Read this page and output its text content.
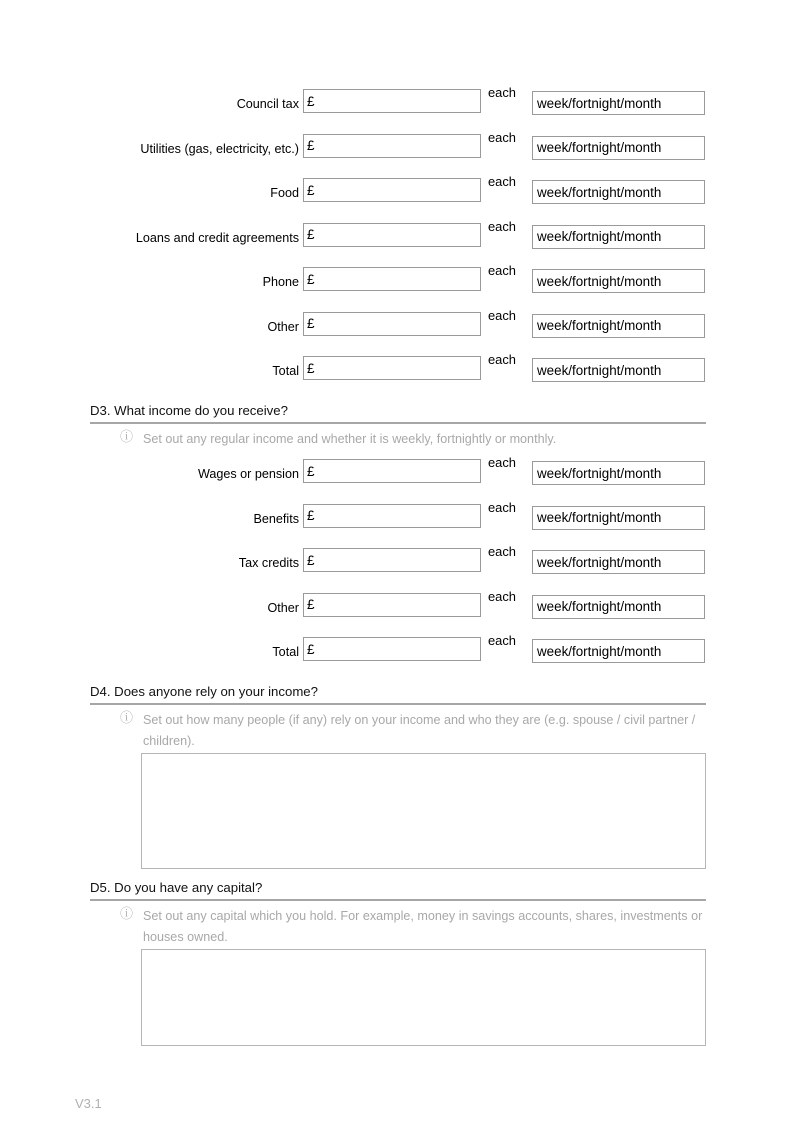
Council tax
£
each
week/fortnight/month
Utilities (gas, electricity, etc.)
£
each
week/fortnight/month
Food
£
each
week/fortnight/month
Loans and credit agreements
£
each
week/fortnight/month
Phone
£
each
week/fortnight/month
Other
£
each
week/fortnight/month
Total
£
each
week/fortnight/month
D3. What income do you receive?
ⓘ Set out any regular income and whether it is weekly, fortnightly or monthly.
Wages or pension
£
each
week/fortnight/month
Benefits
£
each
week/fortnight/month
Tax credits
£
each
week/fortnight/month
Other
£
each
week/fortnight/month
Total
£
each
week/fortnight/month
D4. Does anyone rely on your income?
ⓘ Set out how many people (if any) rely on your income and who they are (e.g. spouse / civil partner / children).
D5. Do you have any capital?
ⓘ Set out any capital which you hold. For example, money in savings accounts, shares, investments or houses owned.
V3.1
